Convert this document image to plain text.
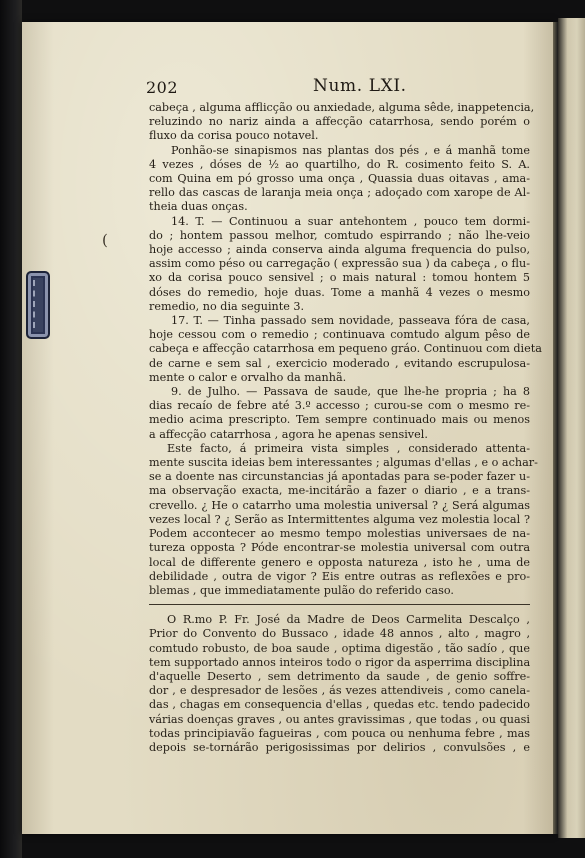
(
202	Num. LXI.
cabeça , alguma afflicção ou anxiedade, alguma sêde, inappetencia,
reluzindo no nariz ainda a affecção catarrhosa, sendo porém o
fluxo da corisa pouco notavel.
Ponhão-se sinapismos nas plantas dos pés , e á manhã tome
4 vezes , dóses de ½ ao quartilho, do R. cosimento feito S. A.
com Quina em pó grosso uma onça , Quassia duas oitavas , ama-
rello das cascas de laranja meia onça ; adoçado com xarope de Al-
theia duas onças.
14. T. — Continuou a suar antehontem , pouco tem dormi-
do ; hontem passou melhor, comtudo espirrando ; não lhe-veio
hoje accesso ; ainda conserva ainda alguma frequencia do pulso,
assim como péso ou carregação ( expressão sua ) da cabeça , o flu-
xo da corisa pouco sensivel ; o mais natural : tomou hontem 5
dóses do remedio, hoje duas. Tome a manhã 4 vezes o mesmo
remedio, no dia seguinte 3.
17. T. — Tinha passado sem novidade, passeava fóra de casa,
hoje cessou com o remedio ; continuava comtudo algum pêso de
cabeça e affecção catarrhosa em pequeno gráo. Continuou com dieta
de carne e sem sal , exercicio moderado , evitando escrupulosa-
mente o calor e orvalho da manhã.
9. de Julho. — Passava de saude, que lhe-he propria ; ha 8
dias recaío de febre até 3.º accesso ; curou-se com o mesmo re-
medio acima prescripto. Tem sempre continuado mais ou menos
a affecção catarrhosa , agora he apenas sensivel.
Este facto, á primeira vista simples , considerado attenta-
mente suscita ideias bem interessantes ; algumas d'ellas , e o achar-
se a doente nas circunstancias já apontadas para se-poder fazer u-
ma observação exacta, me-incitárão a fazer o diario , e a trans-
crevello. ¿ He o catarrho uma molestia universal ? ¿ Será algumas
vezes local ? ¿ Serão as Intermittentes alguma vez molestia local ?
Podem accontecer ao mesmo tempo molestias universaes de na-
tureza opposta ? Póde encontrar-se molestia universal com outra
local de differente genero e opposta natureza , isto he , uma de
debilidade , outra de vigor ? Eis entre outras as reflexões e pro-
blemas , que immediatamente pulão do referido caso.
O R.mo P. Fr. José da Madre de Deos Carmelita Descalço ,
Prior do Convento do Bussaco , idade 48 annos , alto , magro ,
comtudo robusto, de boa saude , optima digestão , tão sadío , que
tem supportado annos inteiros todo o rigor da asperrima disciplina
d'aquelle Deserto , sem detrimento da saude , de genio soffre-
dor , e despresador de lesões , ás vezes attendiveis , como canela-
das , chagas em consequencia d'ellas , quedas etc. tendo padecido
várias doenças graves , ou antes gravissimas , que todas , ou quasi
todas principiavão fagueiras , com pouca ou nenhuma febre , mas
depois se-tornárão perigosissimas por delirios , convulsões , e
